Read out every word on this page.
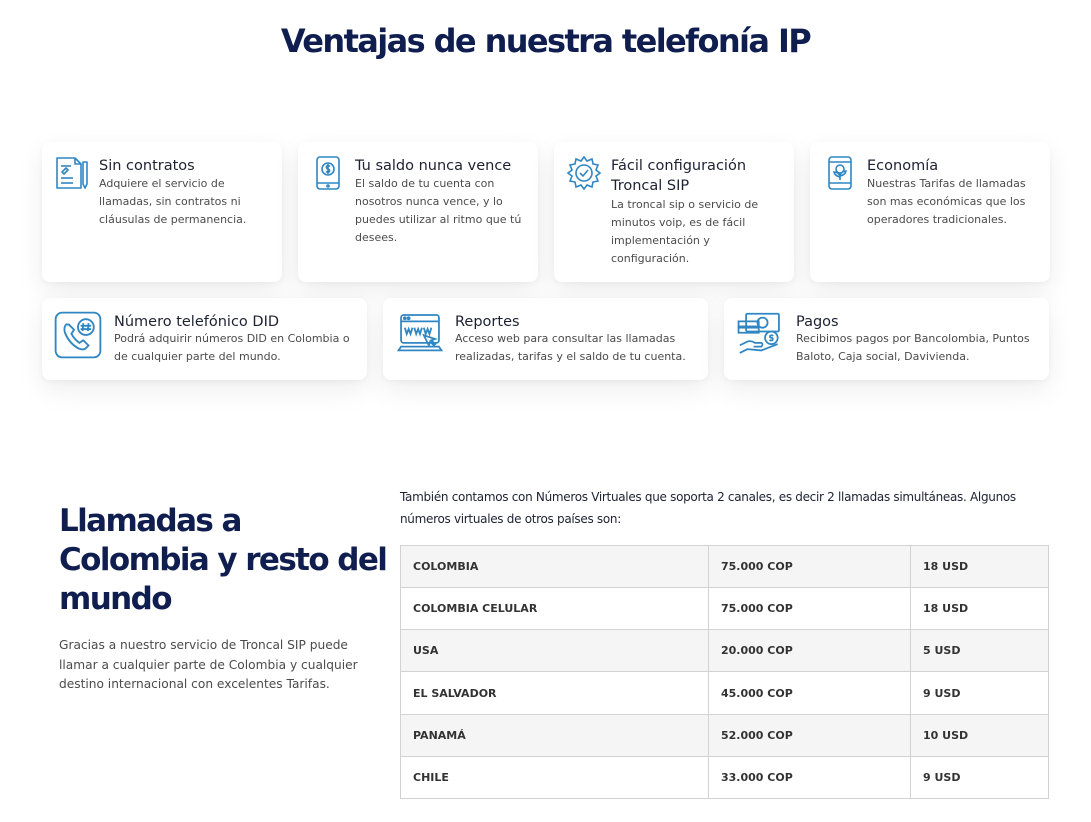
Ventajas de nuestra telefonía IP
Sin contratos
Adquiere el servicio de llamadas, sin contratos ni cláusulas de permanencia.
Tu saldo nunca vence
El saldo de tu cuenta con nosotros nunca vence, y lo puedes utilizar al ritmo que tú desees.
Fácil configuración Troncal SIP
La troncal sip o servicio de minutos voip, es de fácil implementación y configuración.
Economía
Nuestras Tarifas de llamadas son mas económicas que los operadores tradicionales.
Número telefónico DID
Podrá adquirir números DID en Colombia o de cualquier parte del mundo.
Reportes
Acceso web para consultar las llamadas realizadas, tarifas y el saldo de tu cuenta.
Pagos
Recibimos pagos por Bancolombia, Puntos Baloto, Caja social, Davivienda.
Llamadas a Colombia y resto del mundo

Gracias a nuestro servicio de Troncal SIP puede llamar a cualquier parte de Colombia y cualquier destino internacional con excelentes Tarifas.

También contamos con Números Virtuales que soporta 2 canales, es decir 2 llamadas simultáneas. Algunos números virtuales de otros países son:

COLOMBIA	75.000 COP	18 USD
COLOMBIA CELULAR	75.000 COP	18 USD
USA	20.000 COP	5 USD
EL SALVADOR	45.000 COP	9 USD
PANAMÁ	52.000 COP	10 USD
CHILE	33.000 COP	9 USD
